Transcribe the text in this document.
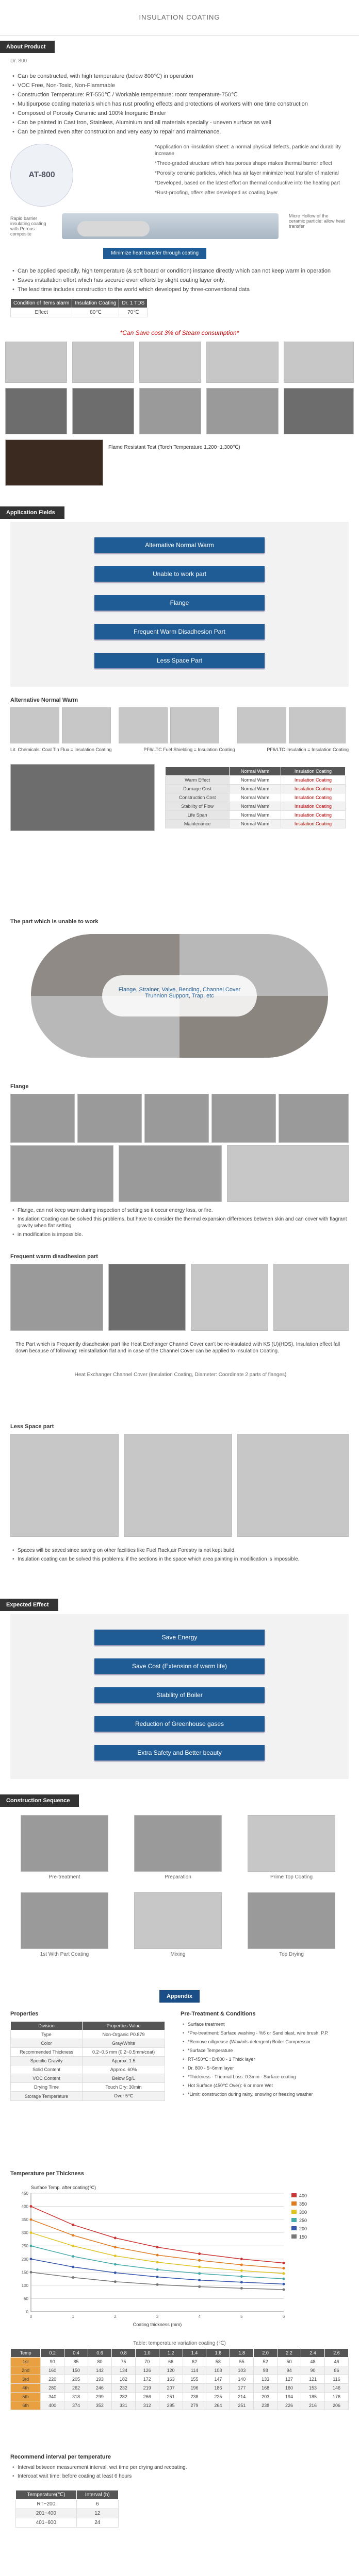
INSULATION COATING
About Product
Dr. 800
• Can be constructed, with high temperature (below 800℃) in operation
• VOC Free, Non-Toxic, Non-Flammable
• Construction Temperature: RT-550℃ / Workable temperature: room temperature-750℃
• Multipurpose coating materials which has rust proofing effects and protections of workers with one time construction
• Composed of Porosity Ceramic and 100% Inorganic Binder
• Can be painted in Cast Iron, Stainless, Aluminium and all materials specially - uneven surface as well
• Can be painted even after construction and very easy to repair and maintenance.
AT-800
*Application on -insulation sheet: a normal physical defects, particle and durability increase
*Three-graded structure which has porous shape makes thermal barrier effect
*Porosity ceramic particles, which has air layer minimize heat transfer of material
*Developed, based on the latest effort on thermal conductive into the heating part
*Rust-proofing, offers after developed as coating layer.
Rapid barrier insulating coating with Porous composite
Micro Hollow of the ceramic particle: allow heat transfer
Minimize heat transfer through coating
• Can be applied specially, high temperature (& soft board or condition) instance directly which can not keep warm in operation
• Saves installation effort which has secured even efforts by slight coating layer only.
• The lead time includes construction to the world which developed by three-conventional data
Condition of Items alarm	Insulation Coating	Dr. 1 TDS
Effect	80℃	70℃
*Can Save cost 3% of Steam consumption*
Flame Resistant Test (Torch Temperature 1,200~1,300℃)
Application Fields
Alternative Normal Warm
Unable to work part
Flange
Frequent Warm Disadhesion Part
Less Space Part
Alternative Normal Warm
Lit. Chemicals: Coal Tin Flux = Insulation Coating	PF6/LTC Fuel Shielding = Insulation Coating	PF6/LTC Insulation = Insulation Coating
	Normal Warm	Insulation Coating
Warm Effect	Normal Warm	Insulation Coating
Damage Cost	Normal Warm	Insulation Coating
Construction Cost	Normal Warm	Insulation Coating
Stability of Flow	Normal Warm	Insulation Coating
Life Span	Normal Warm	Insulation Coating
Maintenance	Normal Warm	Insulation Coating
The part which is unable to work
Flange, Strainer, Valve, Bending, Channel Cover
Trunnion Support, Trap, etc
Flange
• Flange, can not keep warm during inspection of setting so it occur energy loss, or fire.
• Insulation Coating can be solved this problems, but have to consider the thermal expansion differences between skin and can cover with flagrant gravity when flat setting
• in modification is impossible.
Frequent warm disadhesion part
The Part which is Frequently disadhesion part like Heat Exchanger Channel Cover can't be re-insulated with KS (U)(HDS). Insulation effect fall down because of following: reinstallation flat and in case of the Channel Cover can be applied to Insulation Coating.
Heat Exchanger Channel Cover (Insulation Coating, Diameter: Coordinate 2 parts of flanges)
Less Space part
• Spaces will be saved since saving on other facilities like Fuel Rack,air Forestry is not kept build.
• Insulation coating can be solved this problems: if the sections in the space which area painting in modification is impossible.
Expected Effect
Save Energy
Save Cost (Extension of warm life)
Stability of Boiler
Reduction of Greenhouse gases
Extra Safety and Better beauty
Construction Sequence
Pre-treatment	Preparation	Prime Top Coating
1st With Part Coating	Mixing	Top Drying
Appendix
Properties
Division	Properties Value
Type	Non-Organic P0.879
Color	Gray/White
Recommended Thickness	0.2~0.5 mm (0.2~0.5mm/coat)
Specific Gravity	Approx. 1.5
Solid Content	Approx. 60%
VOC Content	Below 5g/L
Drying Time	Touch Dry: 30min
Storage Temperature	Over 5℃
Pre-Treatment & Conditions
• Surface treatment
• *Pre-treatment: Surface washing - %6 or Sand blast, wire brush, P.P.
• *Remove oil/grease (Wax/oils detergent) Boiler Compressor
• *Surface Temperature
• RT-450℃ : Dr800 - 1 Thick layer
• Dr. 800 - 5~6mm layer
• *Thickness - Thermal Loss: 0.3mm - Surface coating
• Hot Surface (450℃ Over): 6 or more Wet
• *Limit: construction during rainy, snowing or freezing weather
Temperature per Thickness
0
50
100
150
200
250
300
350
400
450
0	1	2	3	4	5	6
Surface Temp. after coating(℃)
Coating thickness (mm)
400
350
300
250
200
150
Table: temperature variation coating (℃)
Temp	0.2	0.4	0.6	0.8	1.0	1.2	1.4	1.6	1.8	2.0	2.2	2.4	2.6
1st	90	85	80	75	70	66	62	58	55	52	50	48	46
2nd	160	150	142	134	126	120	114	108	103	98	94	90	86
3rd	220	205	193	182	172	163	155	147	140	133	127	121	116
4th	280	262	246	232	219	207	196	186	177	168	160	153	146
5th	340	318	299	282	266	251	238	225	214	203	194	185	176
6th	400	374	352	331	312	295	279	264	251	238	226	216	206
Recommend interval per temperature
• Interval between measurement interval, wet time per drying and recoating.
• Intercoat wait time: before coating at least 6 hours
Temperature(℃)	Interval (h)
RT~200	6
201~400	12
401~600	24
